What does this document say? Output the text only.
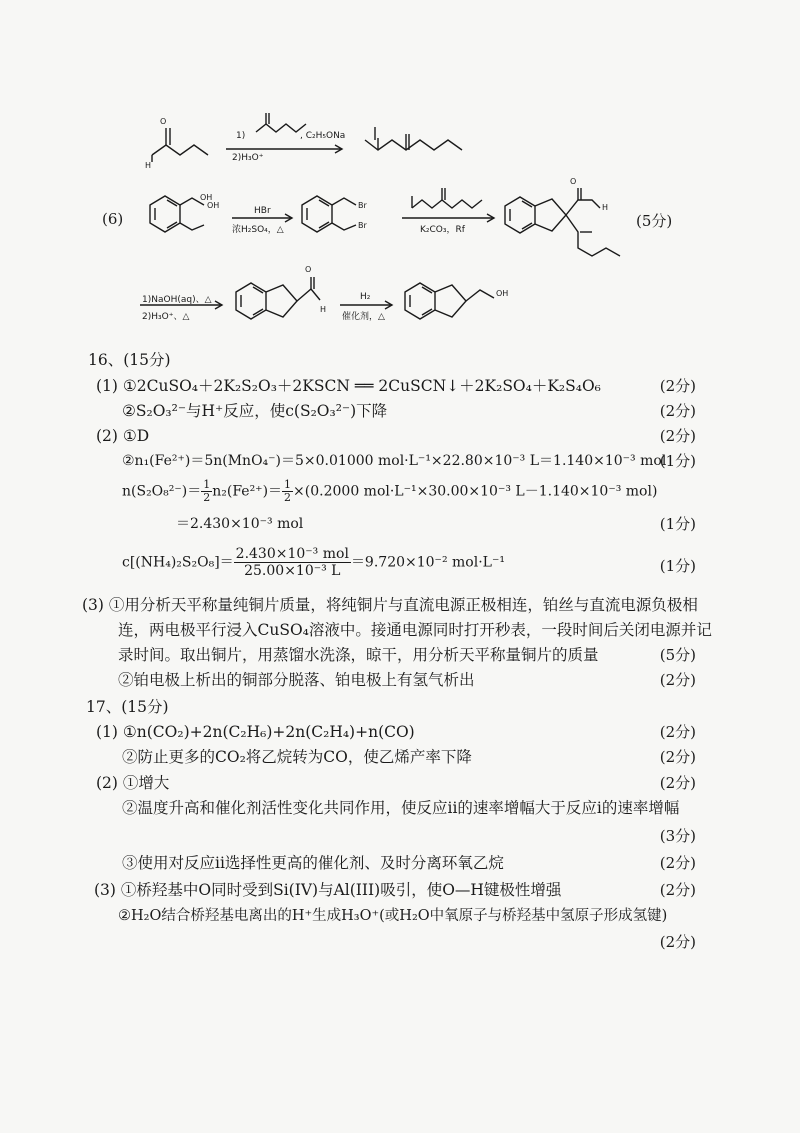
H
O
OH
OH
Br
Br
H
O
H
O
OH
1)	, C₂H₅ONa
2)H₃O⁺
(6)	HBr
浓H₂SO₄，△	K₂CO₃，Rf	(5分)
1)NaOH(aq)、△
2)H₃O⁺、△
H₂
催化剂，△
16、(15分)
(1) ①2CuSO₄＋2K₂S₂O₃＋2KSCN ══ 2CuSCN↓＋2K₂SO₄＋K₂S₄O₆	(2分)
②S₂O₃²⁻与H⁺反应，使c(S₂O₃²⁻)下降	(2分)
(2) ①D	(2分)
②n₁(Fe²⁺)＝5n(MnO₄⁻)＝5×0.01000 mol·L⁻¹×22.80×10⁻³ L＝1.140×10⁻³ mol
(1分)
$n(S_2O_8^{2-})= \frac{1}{2} n_2(Fe^{2+})= \frac{1}{2} \times(0.2000$ mol·L⁻¹×30.00×10⁻³ L－1.140×10⁻³ mol)
＝2.430×10⁻³ mol	(1分)
$c[(NH_4)_2S_2O_8]= \frac{\text{2.430×10⁻³ mol}}{\text{25.00×10⁻³ L}} =9.720\times 10^{-2}$ mol·L⁻¹	(1分)
(3) ①用分析天平称量纯铜片质量，将纯铜片与直流电源正极相连，铂丝与直流电源负极相
连，两电极平行浸入CuSO₄溶液中。接通电源同时打开秒表，一段时间后关闭电源并记
录时间。取出铜片，用蒸馏水洗涤，晾干，用分析天平称量铜片的质量	(5分)
②铂电极上析出的铜部分脱落、铂电极上有氢气析出	(2分)
17、(15分)
(1) ①n(CO₂)+2n(C₂H₆)+2n(C₂H₄)+n(CO)	(2分)
②防止更多的CO₂将乙烷转为CO，使乙烯产率下降	(2分)
(2) ①增大	(2分)
②温度升高和催化剂活性变化共同作用，使反应ii的速率增幅大于反应i的速率增幅
(3分)
③使用对反应ii选择性更高的催化剂、及时分离环氧乙烷	(2分)
(3) ①桥羟基中O同时受到Si(IV)与Al(III)吸引，使O—H键极性增强	(2分)
②H₂O结合桥羟基电离出的H⁺生成H₃O⁺(或H₂O中氧原子与桥羟基中氢原子形成氢键)
(2分)
